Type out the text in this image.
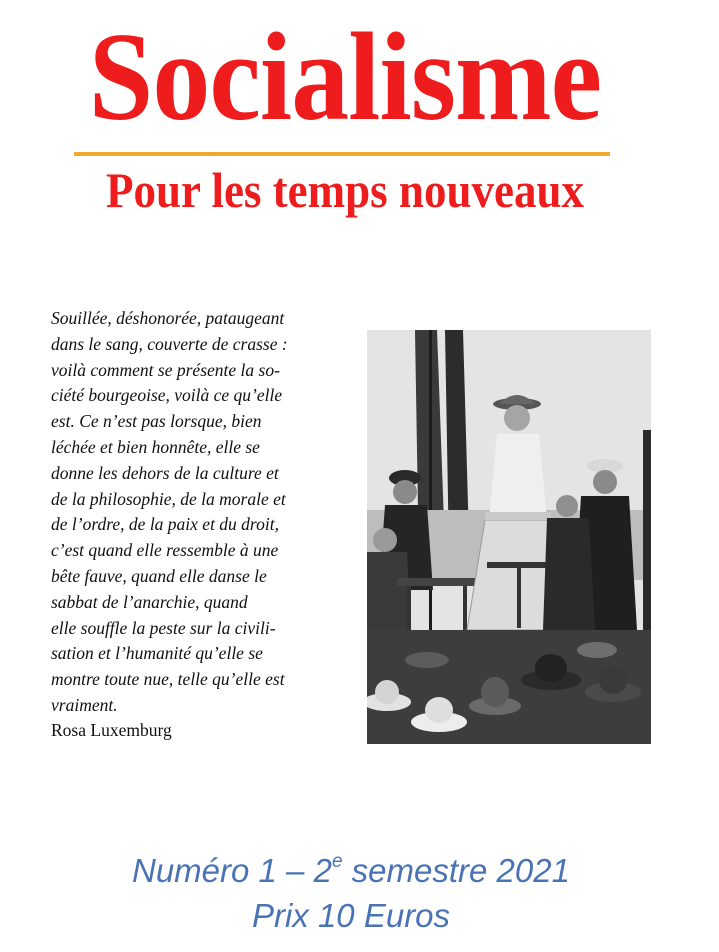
Socialisme
Pour les temps nouveaux
Souillée, déshonorée, pataugeant
dans le sang, couverte de crasse :
voilà comment se présente la so-
ciété bourgeoise, voilà ce qu’elle
est. Ce n’est pas lorsque, bien
léchée et bien honnête, elle se
donne les dehors de la culture et
de la philosophie, de la morale et
de l’ordre, de la paix et du droit,
c’est quand elle ressemble à une
bête fauve, quand elle danse le
sabbat de l’anarchie, quand
elle souffle la peste sur la civili-
sation et l’humanité qu’elle se
montre toute nue, telle qu’elle est
vraiment.
Rosa Luxemburg
Numéro 1 – 2e semestre 2021
Prix 10 Euros
